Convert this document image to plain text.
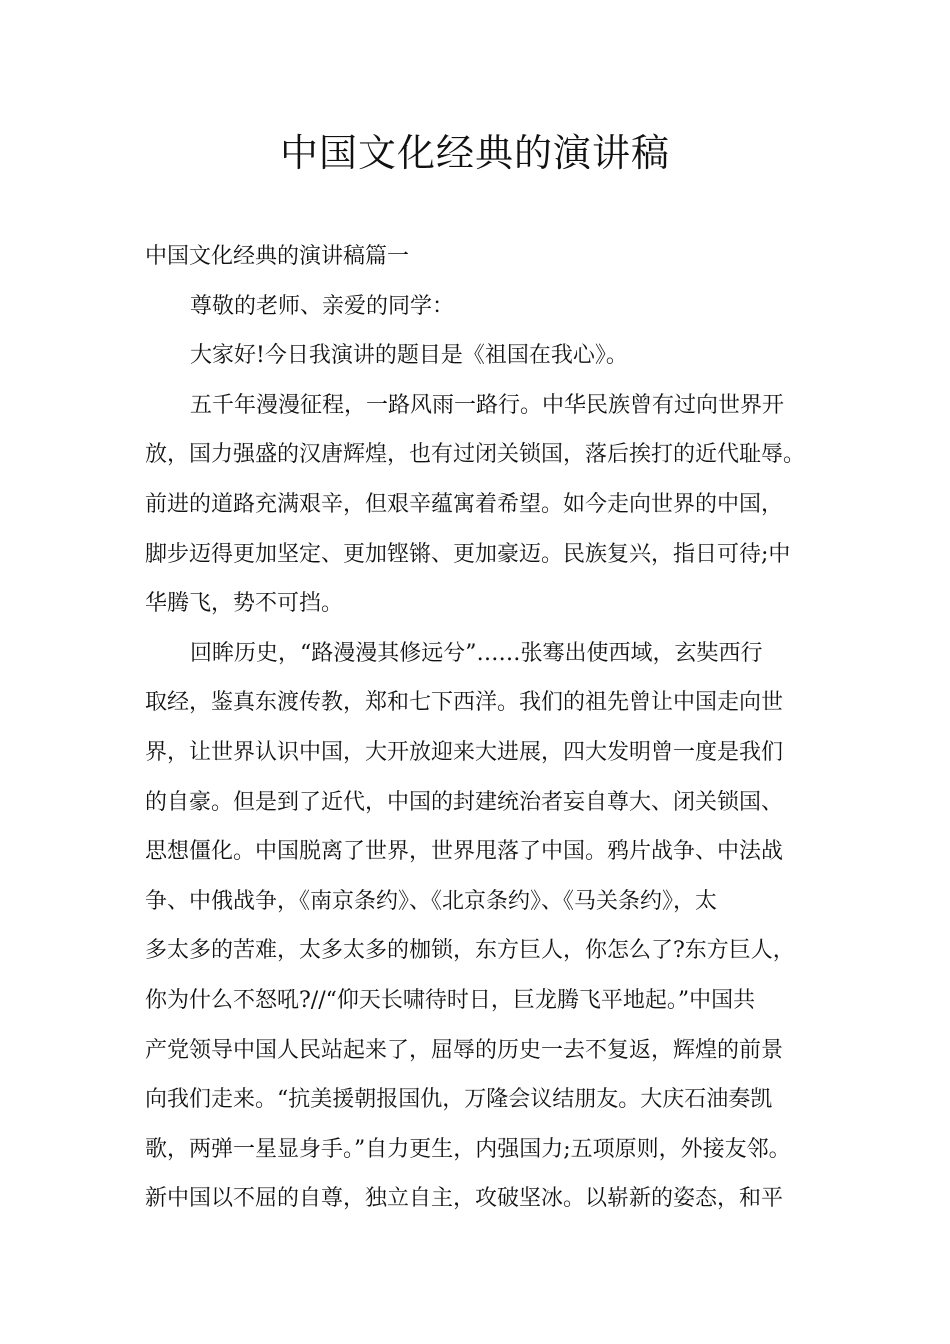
中国文化经典的演讲稿

中国文化经典的演讲稿篇一

尊敬的老师、亲爱的同学：

大家好!今日我演讲的题目是《祖国在我心》。

五千年漫漫征程，一路风雨一路行。中华民族曾有过向世界开

放，国力强盛的汉唐辉煌，也有过闭关锁国，落后挨打的近代耻辱。

前进的道路充满艰辛，但艰辛蕴寓着希望。如今走向世界的中国，

脚步迈得更加坚定、更加铿锵、更加豪迈。民族复兴，指日可待;中

华腾飞，势不可挡。

回眸历史，“路漫漫其修远兮”……张骞出使西域，玄奘西行

取经，鉴真东渡传教，郑和七下西洋。我们的祖先曾让中国走向世

界，让世界认识中国，大开放迎来大进展，四大发明曾一度是我们

的自豪。但是到了近代，中国的封建统治者妄自尊大、闭关锁国、

思想僵化。中国脱离了世界，世界甩落了中国。鸦片战争、中法战

争、中俄战争，《南京条约》、《北京条约》、《马关条约》，太

多太多的苦难，太多太多的枷锁，东方巨人，你怎么了?东方巨人，

你为什么不怒吼?//“仰天长啸待时日，巨龙腾飞平地起。”中国共

产党领导中国人民站起来了，屈辱的历史一去不复返，辉煌的前景

向我们走来。“抗美援朝报国仇，万隆会议结朋友。大庆石油奏凯

歌，两弹一星显身手。”自力更生，内强国力;五项原则，外接友邻。

新中国以不屈的自尊，独立自主，攻破坚冰。以崭新的姿态，和平
